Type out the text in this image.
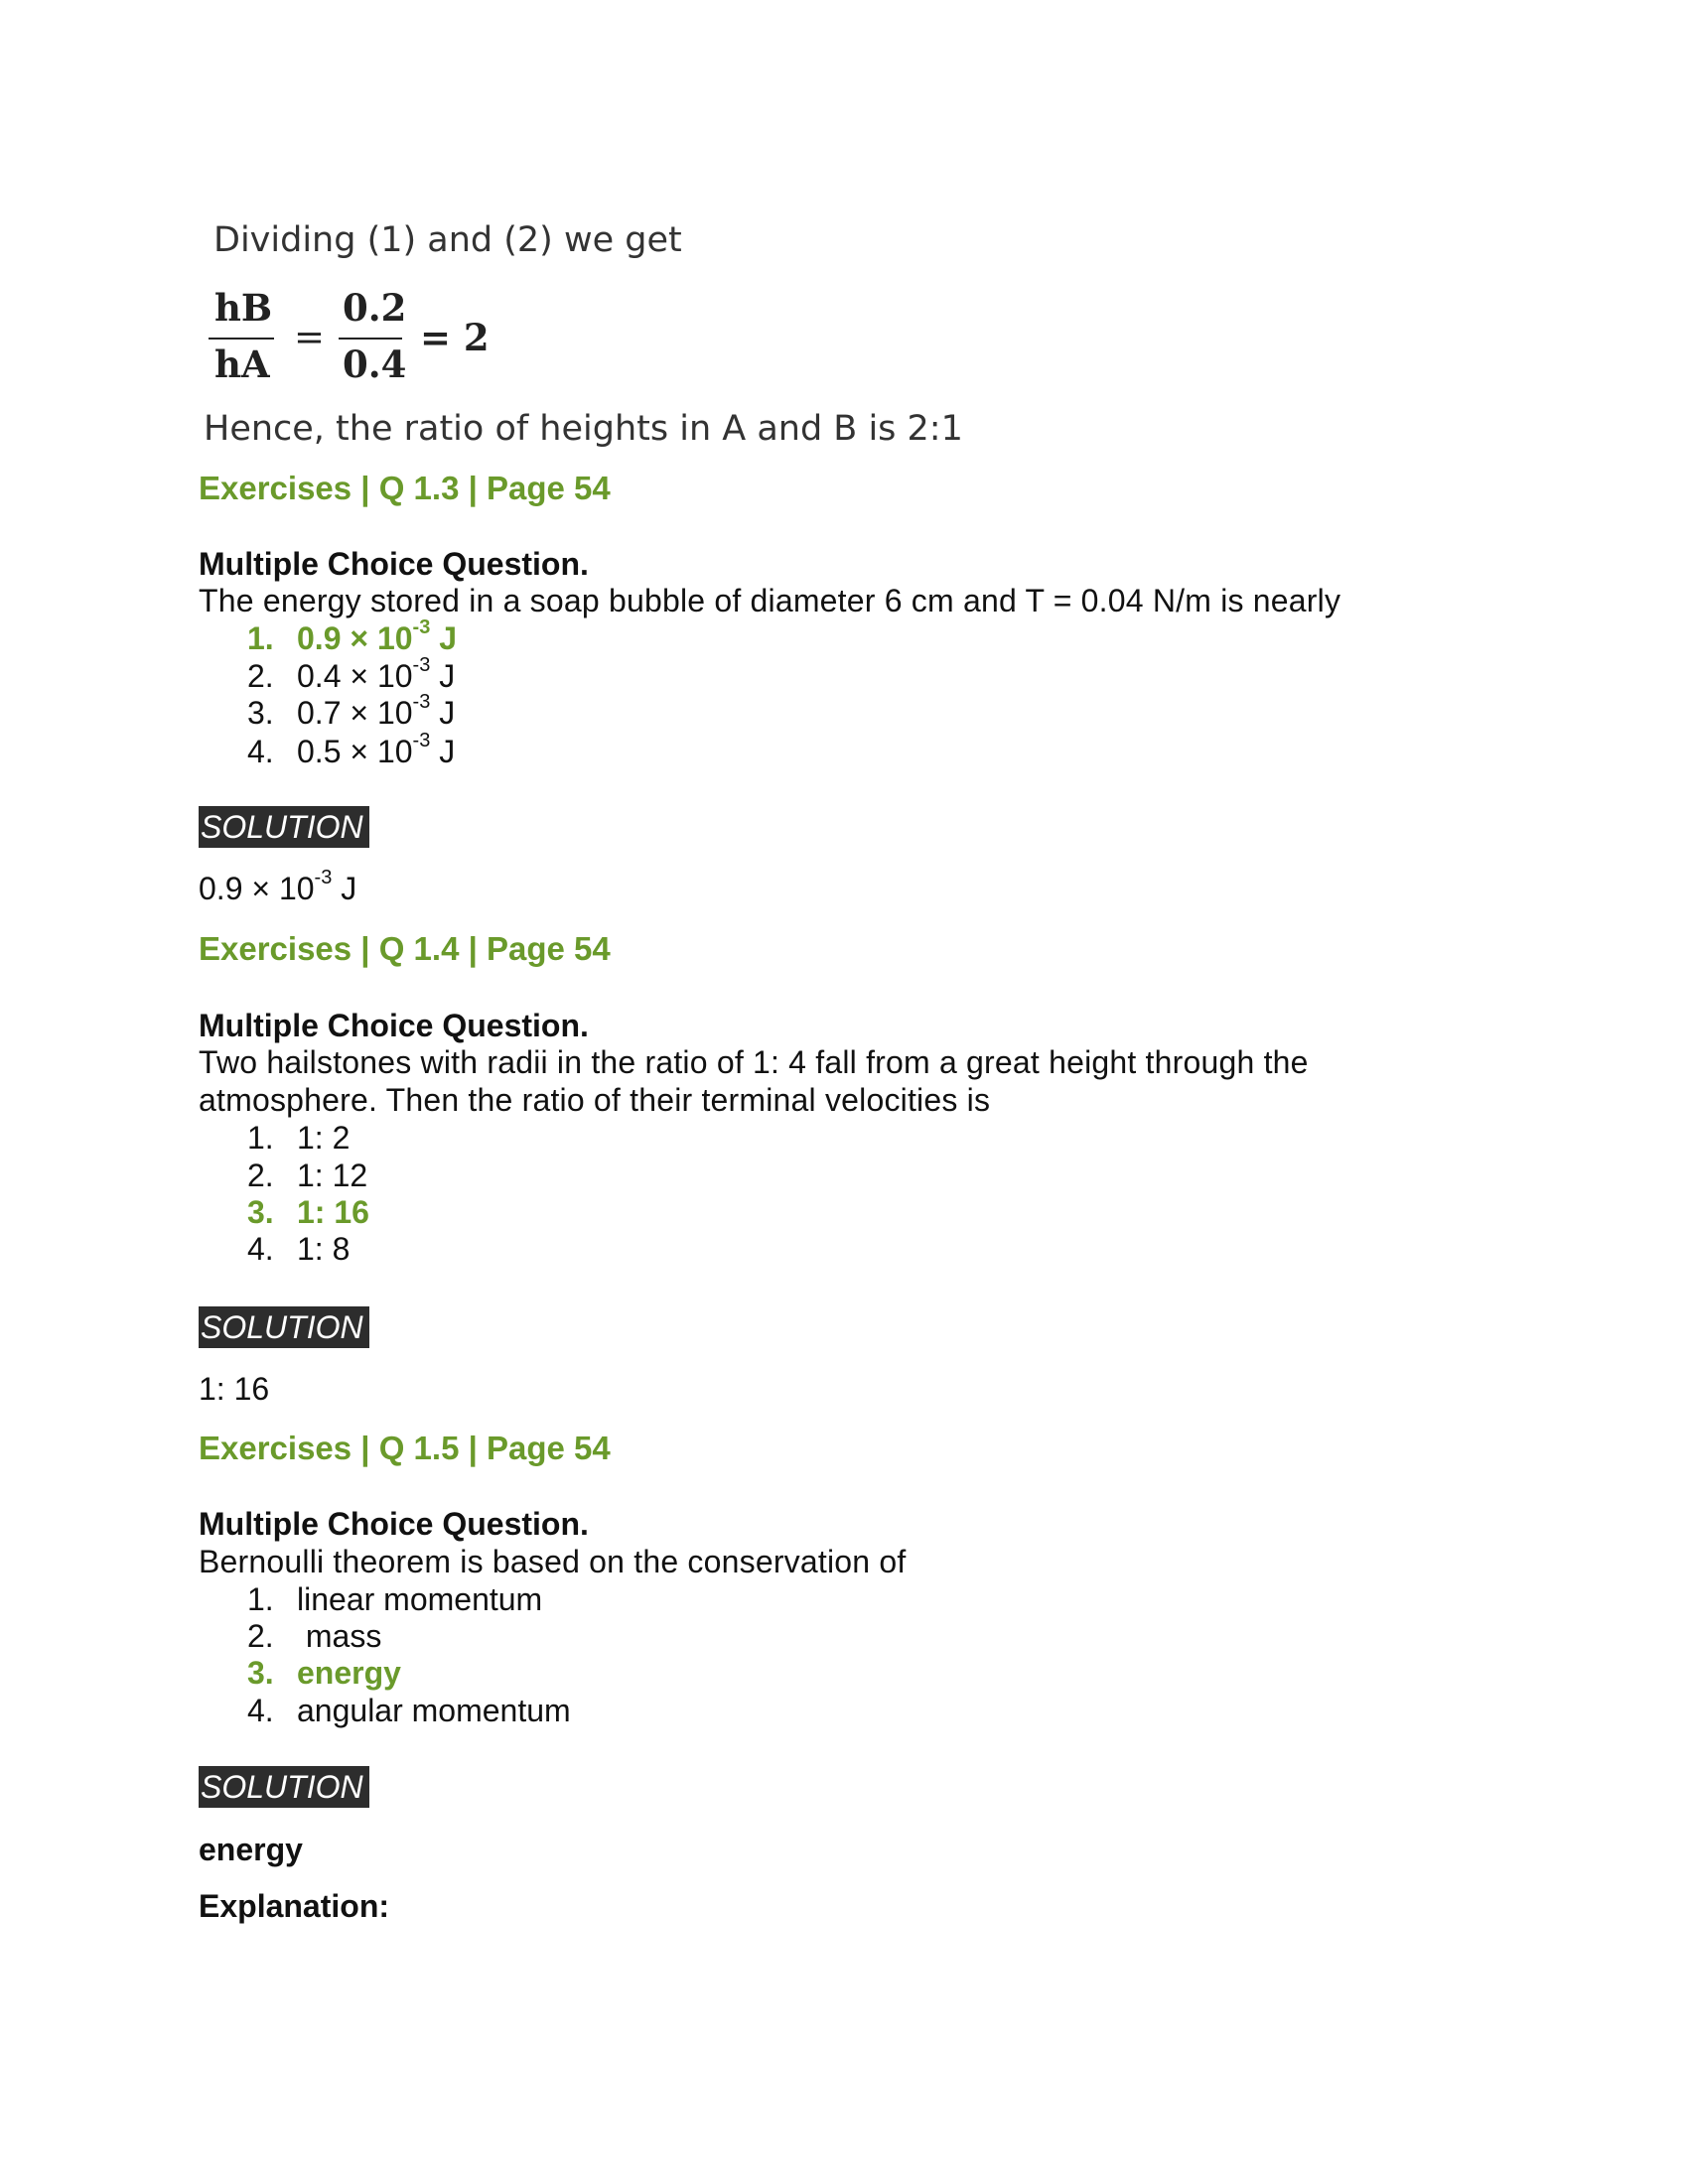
Dividing (1) and (2) we get
hB
hA
=
0.2
0.4
= 2
Hence, the ratio of heights in A and B is 2:1
Exercises | Q 1.3 | Page 54
Multiple Choice Question.
The energy stored in a soap bubble of diameter 6 cm and T = 0.04 N/m is nearly
1. $0.9 \times 10^{-3}$ J
2. $0.4 \times 10^{-3}$ J
3. $0.7 \times 10^{-3}$ J
4. $0.5 \times 10^{-3}$ J
SOLUTION
$0.9 \times 10^{-3}$ J
Exercises | Q 1.4 | Page 54
Multiple Choice Question.
Two hailstones with radii in the ratio of 1: 4 fall from a great height through the
atmosphere. Then the ratio of their terminal velocities is
1. 1: 2
2. 1: 12
3. 1: 16
4. 1: 8
SOLUTION
1: 16
Exercises | Q 1.5 | Page 54
Multiple Choice Question.
Bernoulli theorem is based on the conservation of
1. linear momentum
2. mass
3. energy
4. angular momentum
SOLUTION
energy
Explanation:
